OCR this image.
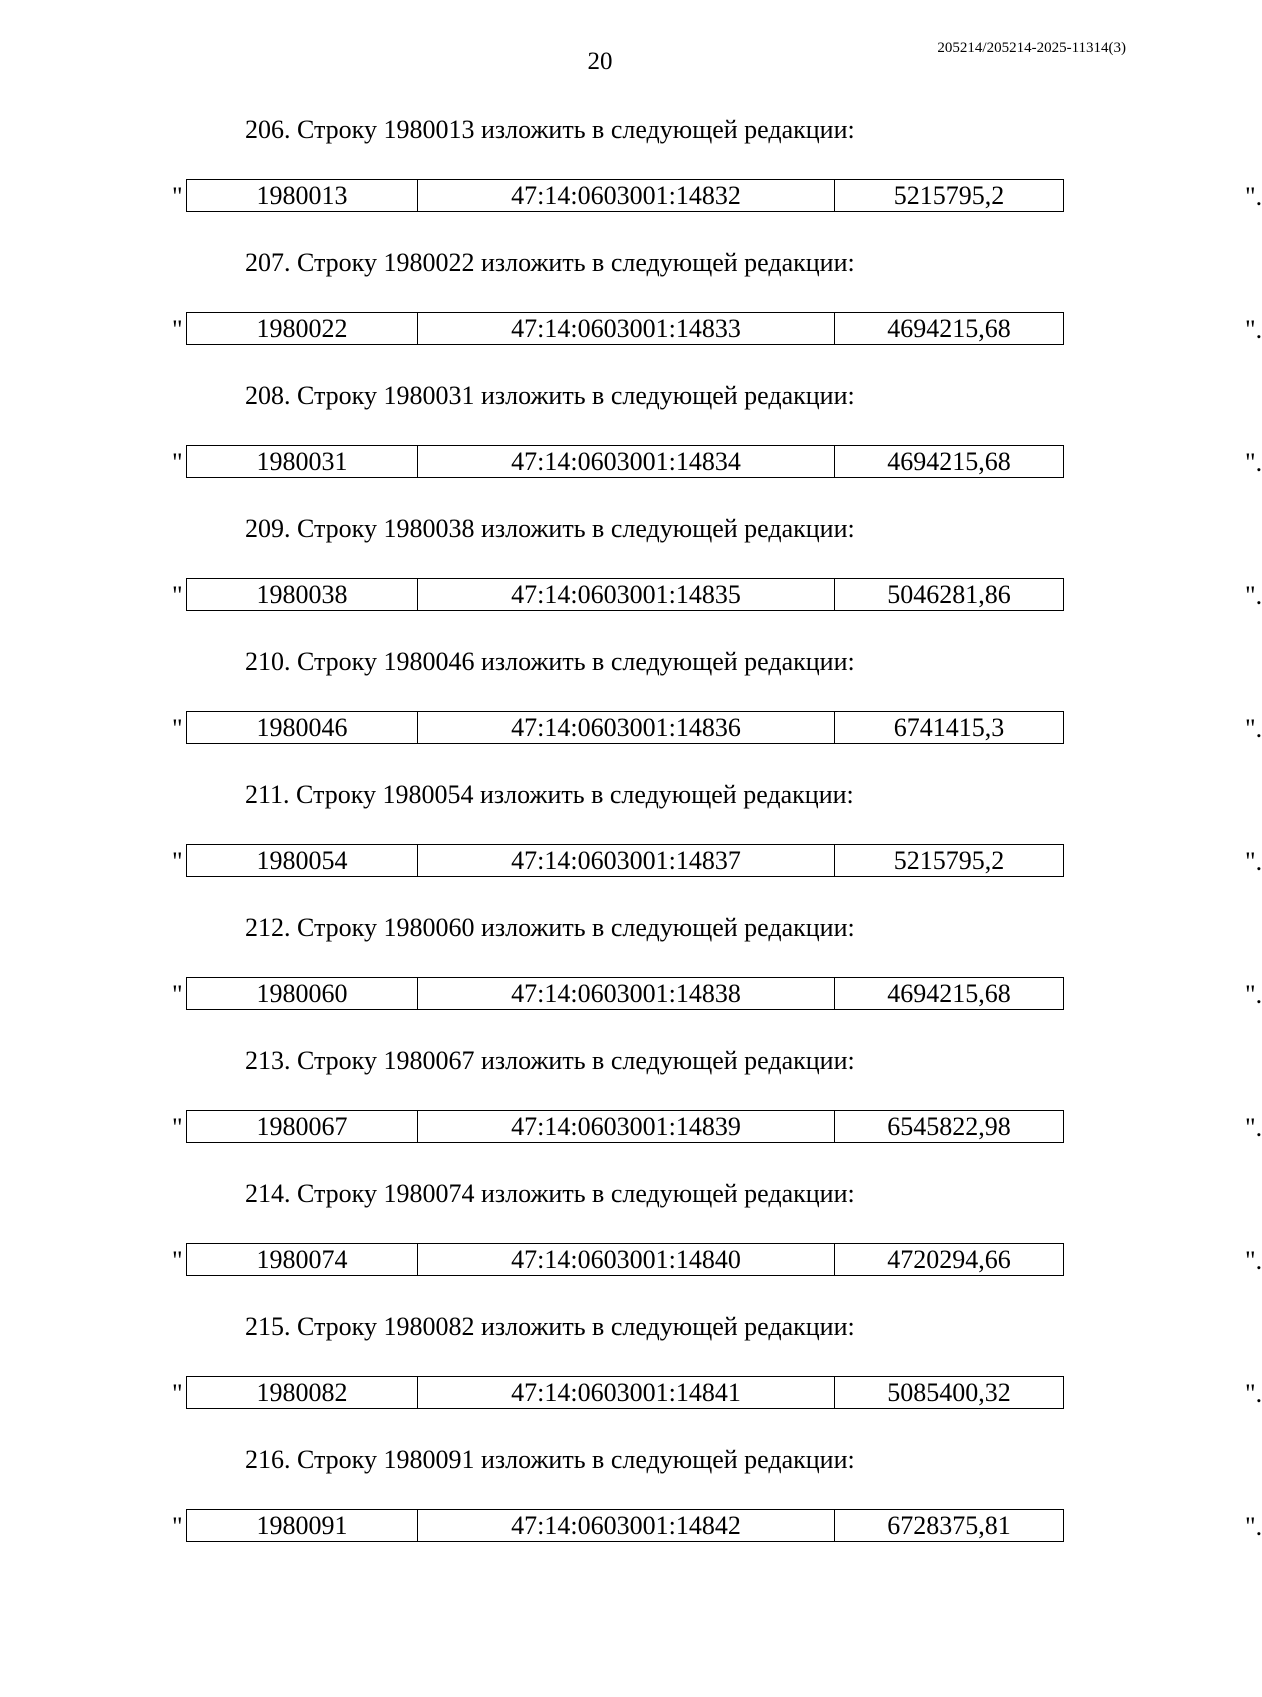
20	205214/205214-2025-11314(3)
206. Строку 1980013 изложить в следующей редакции:
"	1980013	47:14:0603001:14832	5215795,2	".
207. Строку 1980022 изложить в следующей редакции:
"	1980022	47:14:0603001:14833	4694215,68	".
208. Строку 1980031 изложить в следующей редакции:
"	1980031	47:14:0603001:14834	4694215,68	".
209. Строку 1980038 изложить в следующей редакции:
"	1980038	47:14:0603001:14835	5046281,86	".
210. Строку 1980046 изложить в следующей редакции:
"	1980046	47:14:0603001:14836	6741415,3	".
211. Строку 1980054 изложить в следующей редакции:
"	1980054	47:14:0603001:14837	5215795,2	".
212. Строку 1980060 изложить в следующей редакции:
"	1980060	47:14:0603001:14838	4694215,68	".
213. Строку 1980067 изложить в следующей редакции:
"	1980067	47:14:0603001:14839	6545822,98	".
214. Строку 1980074 изложить в следующей редакции:
"	1980074	47:14:0603001:14840	4720294,66	".
215. Строку 1980082 изложить в следующей редакции:
"	1980082	47:14:0603001:14841	5085400,32	".
216. Строку 1980091 изложить в следующей редакции:
"	1980091	47:14:0603001:14842	6728375,81	".
